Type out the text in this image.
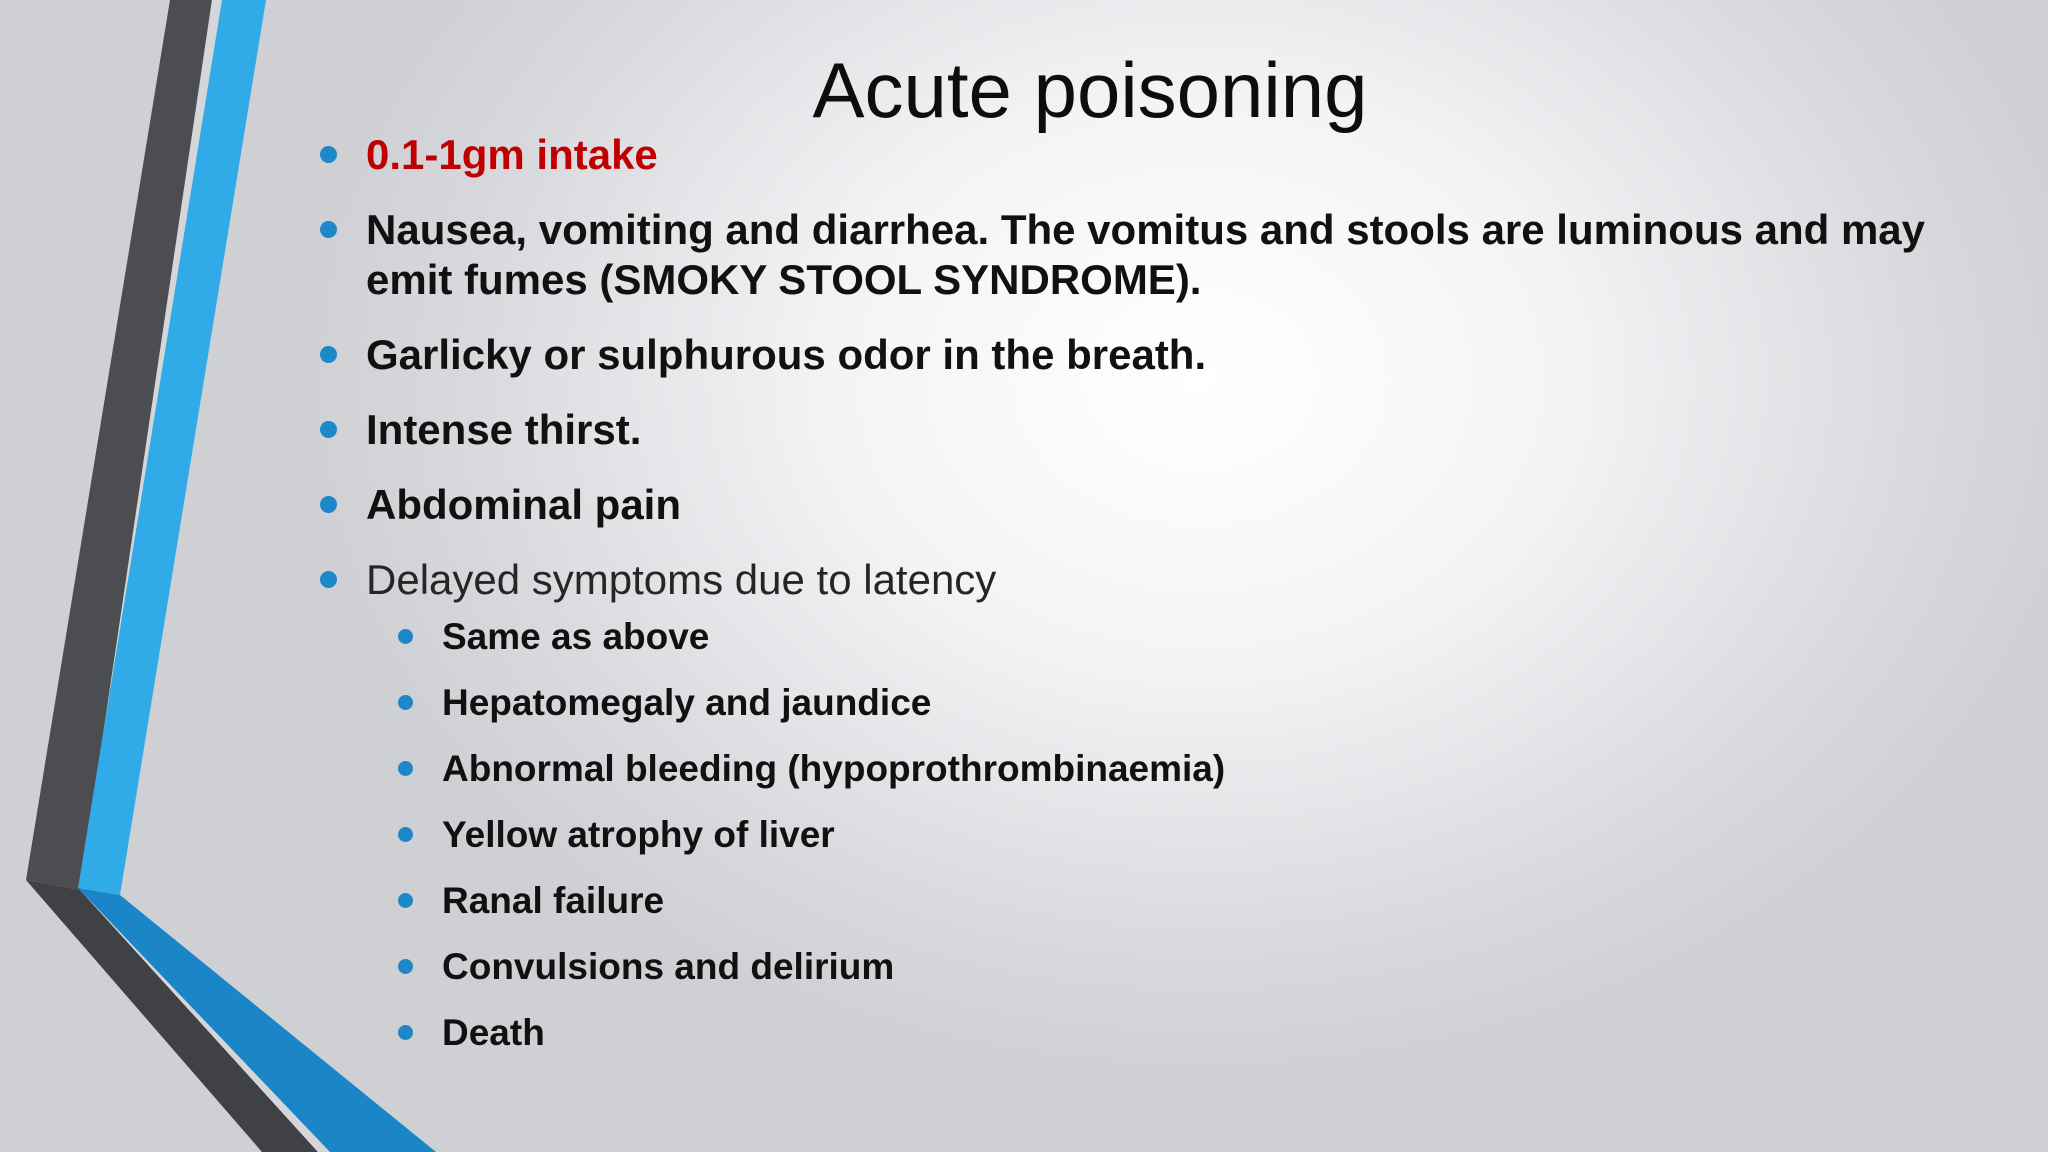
Acute poisoning
0.1-1gm intake
Nausea, vomiting and diarrhea. The vomitus and stools are luminous and may emit fumes (SMOKY STOOL SYNDROME).
Garlicky or sulphurous odor in the breath.
Intense thirst.
Abdominal pain
Delayed symptoms due to latency
Same as above
Hepatomegaly and jaundice
Abnormal bleeding (hypoprothrombinaemia)
Yellow atrophy of liver
Ranal failure
Convulsions and delirium
Death
